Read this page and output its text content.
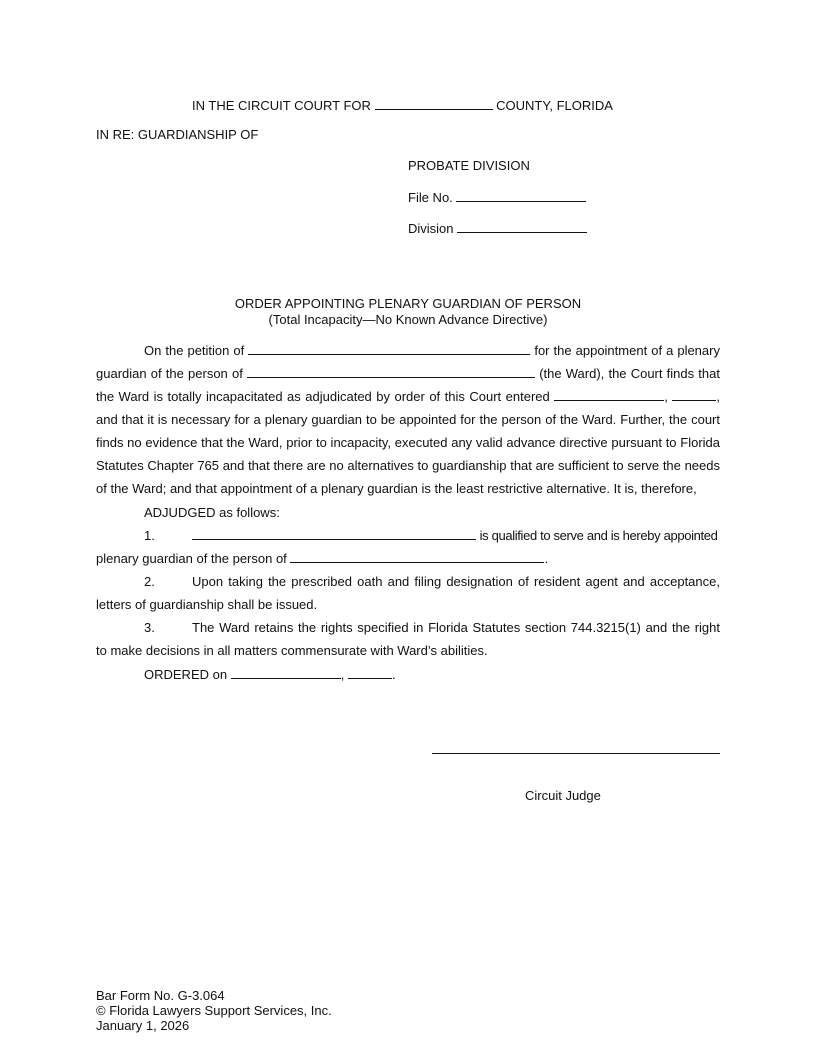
IN THE CIRCUIT COURT FOR	COUNTY, FLORIDA
IN RE: GUARDIANSHIP OF
PROBATE DIVISION
File No.
Division
ORDER APPOINTING PLENARY GUARDIAN OF PERSON
(Total Incapacity—No Known Advance Directive)
On the petition of	for the appointment of a plenary
guardian of the person of	(the Ward), the Court finds that
the Ward is totally incapacitated as adjudicated by order of this Court entered	,	,
and that it is necessary for a plenary guardian to be appointed for the person of the Ward. Further, the court finds no evidence that the Ward, prior to incapacity, executed any valid advance directive pursuant to Florida Statutes Chapter 765 and that there are no alternatives to guardianship that are sufficient to serve the needs of the Ward; and that appointment of a plenary guardian is the least restrictive alternative. It is, therefore,
ADJUDGED as follows:
1.	is qualified to serve and is hereby appointed
plenary guardian of the person of	.
2.	Upon taking the prescribed oath and filing designation of resident agent and acceptance, letters of guardianship shall be issued.
3.	The Ward retains the rights specified in Florida Statutes section 744.3215(1) and the right to make decisions in all matters commensurate with Ward’s abilities.
ORDERED on	,	.
Circuit Judge
Bar Form No. G-3.064
© Florida Lawyers Support Services, Inc.
January 1, 2026
